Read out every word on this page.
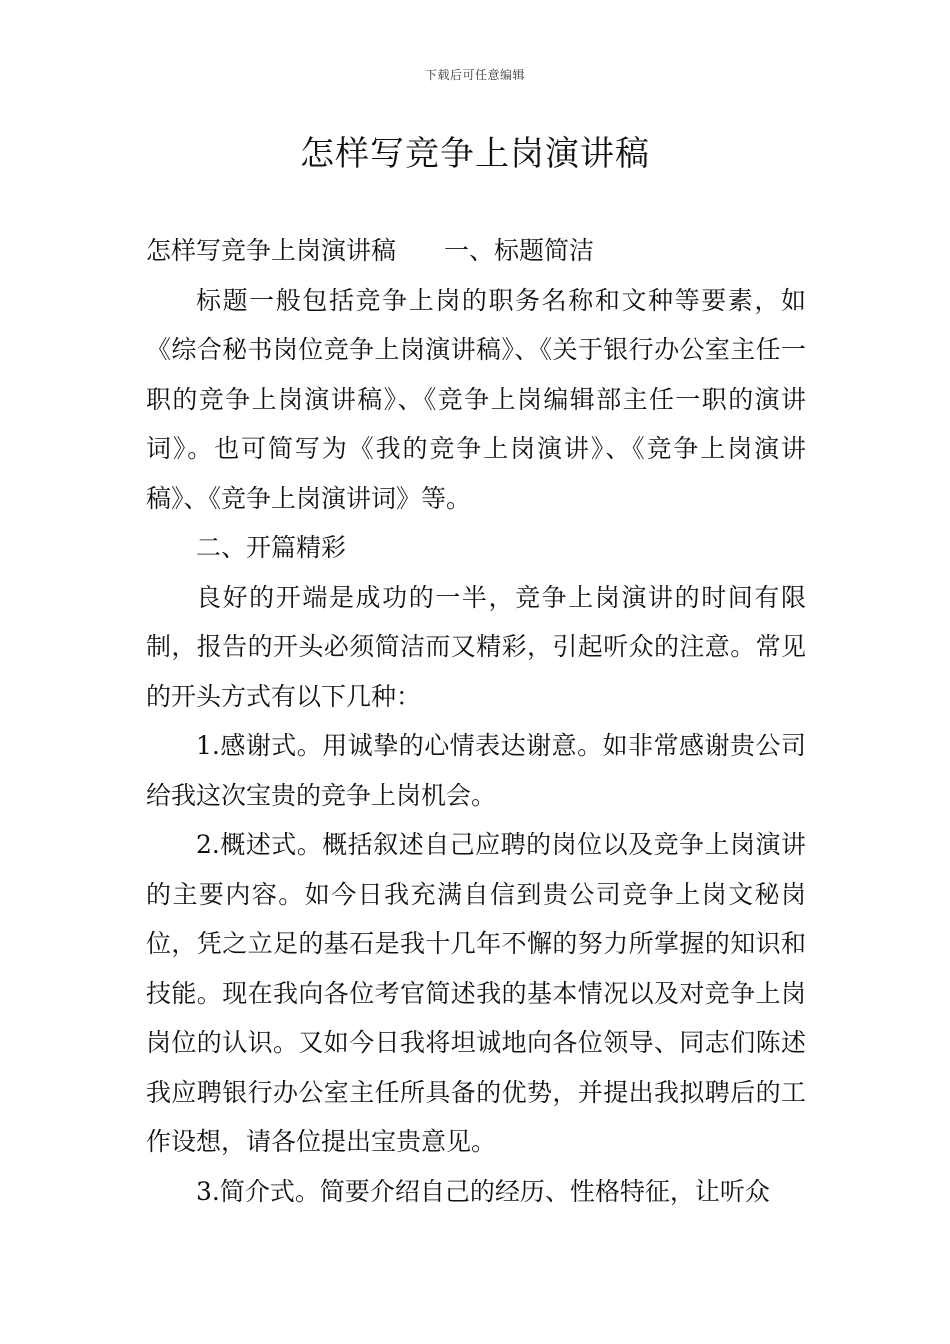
下载后可任意编辑
怎样写竞争上岗演讲稿

怎样写竞争上岗演讲稿 一、标题简洁

标题一般包括竞争上岗的职务名称和文种等要素，如《综合秘书岗位竞争上岗演讲稿》、《关于银行办公室主任一职的竞争上岗演讲稿》、《竞争上岗编辑部主任一职的演讲词》。也可简写为《我的竞争上岗演讲》、《竞争上岗演讲稿》、《竞争上岗演讲词》等。

二、开篇精彩

良好的开端是成功的一半，竞争上岗演讲的时间有限制，报告的开头必须简洁而又精彩，引起听众的注意。常见的开头方式有以下几种：

1.感谢式。用诚挚的心情表达谢意。如非常感谢贵公司给我这次宝贵的竞争上岗机会。

2.概述式。概括叙述自己应聘的岗位以及竞争上岗演讲的主要内容。如今日我充满自信到贵公司竞争上岗文秘岗位，凭之立足的基石是我十几年不懈的努力所掌握的知识和技能。现在我向各位考官简述我的基本情况以及对竞争上岗岗位的认识。又如今日我将坦诚地向各位领导、同志们陈述我应聘银行办公室主任所具备的优势，并提出我拟聘后的工作设想，请各位提出宝贵意见。

3.简介式。简要介绍自己的经历、性格特征，让听众
